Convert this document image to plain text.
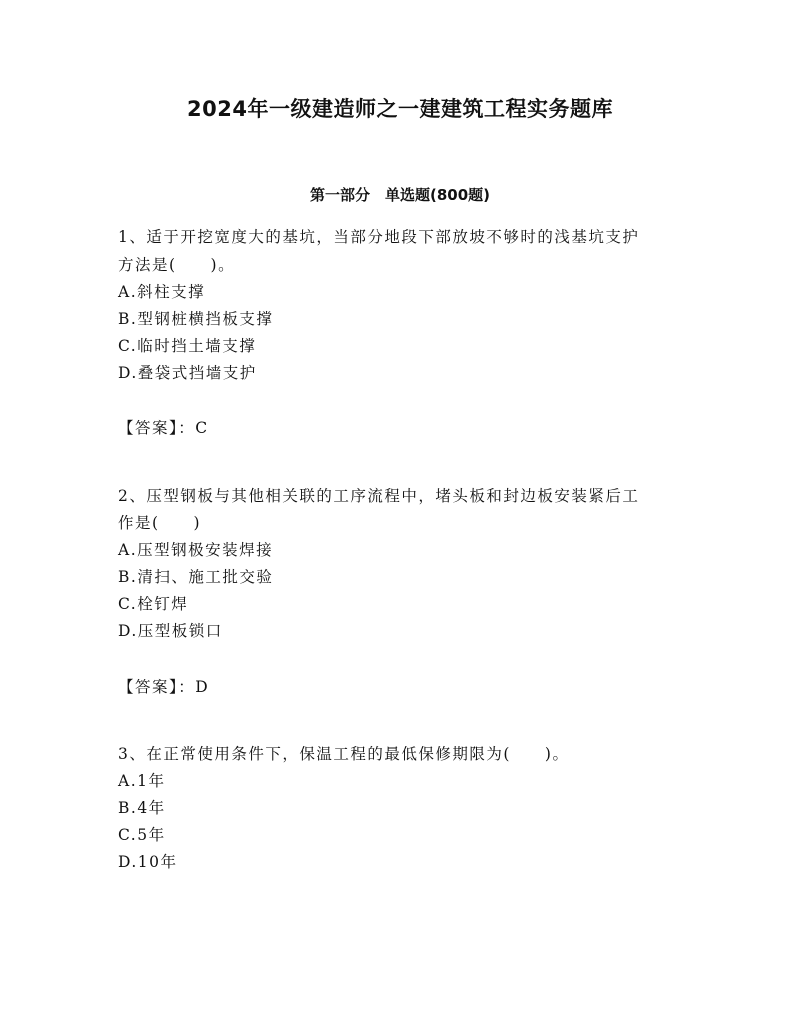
2024年一级建造师之一建建筑工程实务题库
第一部分　单选题(800题)
1、适于开挖宽度大的基坑，当部分地段下部放坡不够时的浅基坑支护
方法是(　　)。
A.斜柱支撑
B.型钢桩横挡板支撑
C.临时挡土墙支撑
D.叠袋式挡墙支护
【答案】：C
2、压型钢板与其他相关联的工序流程中，堵头板和封边板安装紧后工
作是(　　)
A.压型钢极安装焊接
B.清扫、施工批交验
C.栓钉焊
D.压型板锁口
【答案】：D
3、在正常使用条件下，保温工程的最低保修期限为(　　)。
A.1年
B.4年
C.5年
D.10年
